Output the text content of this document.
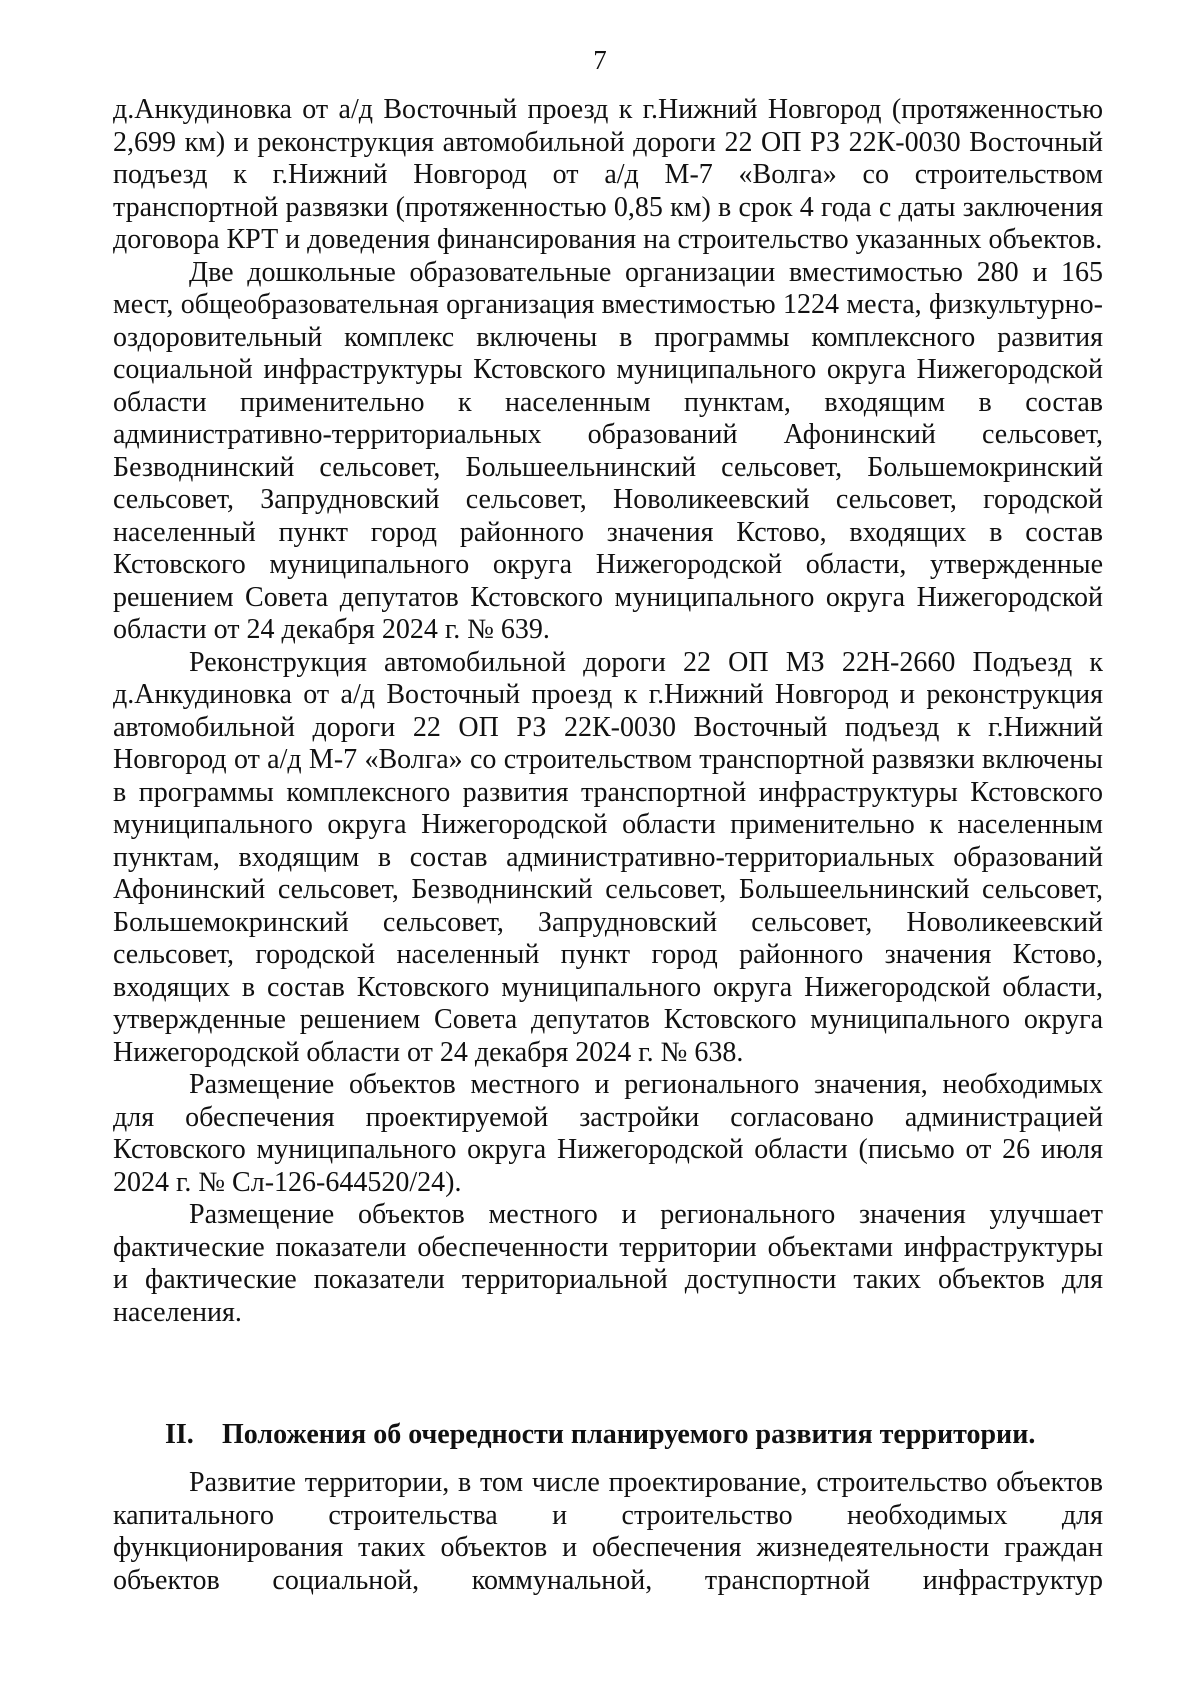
7

д.Анкудиновка от а/д Восточный проезд к г.Нижний Новгород (протяженностью 2,699 км) и реконструкция автомобильной дороги 22 ОП РЗ 22К-0030 Восточный подъезд к г.Нижний Новгород от а/д М-7 «Волга» со строительством транспортной развязки (протяженностью 0,85 км) в срок 4 года с даты заключения договора КРТ и доведения финансирования на строительство указанных объектов.

Две дошкольные образовательные организации вместимостью 280 и 165 мест, общеобразовательная организация вместимостью 1224 места, физкультурно-оздоровительный комплекс включены в программы комплексного развития социальной инфраструктуры Кстовского муниципального округа Нижегородской области применительно к населенным пунктам, входящим в состав административно-территориальных образований Афонинский сельсовет, Безводнинский сельсовет, Большеельнинский сельсовет, Большемокринский сельсовет, Запрудновский сельсовет, Новоликеевский сельсовет, городской населенный пункт город районного значения Кстово, входящих в состав Кстовского муниципального округа Нижегородской области, утвержденные решением Совета депутатов Кстовского муниципального округа Нижегородской области от 24 декабря 2024 г. № 639.

Реконструкция автомобильной дороги 22 ОП МЗ 22Н-2660 Подъезд к д.Анкудиновка от а/д Восточный проезд к г.Нижний Новгород и реконструкция автомобильной дороги 22 ОП РЗ 22К-0030 Восточный подъезд к г.Нижний Новгород от а/д М-7 «Волга» со строительством транспортной развязки включены в программы комплексного развития транспортной инфраструктуры Кстовского муниципального округа Нижегородской области применительно к населенным пунктам, входящим в состав административно-территориальных образований Афонинский сельсовет, Безводнинский сельсовет, Большеельнинский сельсовет, Большемокринский сельсовет, Запрудновский сельсовет, Новоликеевский сельсовет, городской населенный пункт город районного значения Кстово, входящих в состав Кстовского муниципального округа Нижегородской области, утвержденные решением Совета депутатов Кстовского муниципального округа Нижегородской области от 24 декабря 2024 г. № 638.

Размещение объектов местного и регионального значения, необходимых для обеспечения проектируемой застройки согласовано администрацией Кстовского муниципального округа Нижегородской области (письмо от 26 июля 2024 г. № Сл-126-644520/24).

Размещение объектов местного и регионального значения улучшает фактические показатели обеспеченности территории объектами инфраструктуры и фактические показатели территориальной доступности таких объектов для населения.

II. Положения об очередности планируемого развития территории.

Развитие территории, в том числе проектирование, строительство объектов капитального строительства и строительство необходимых для функционирования таких объектов и обеспечения жизнедеятельности граждан объектов социальной, коммунальной, транспортной инфраструктур
